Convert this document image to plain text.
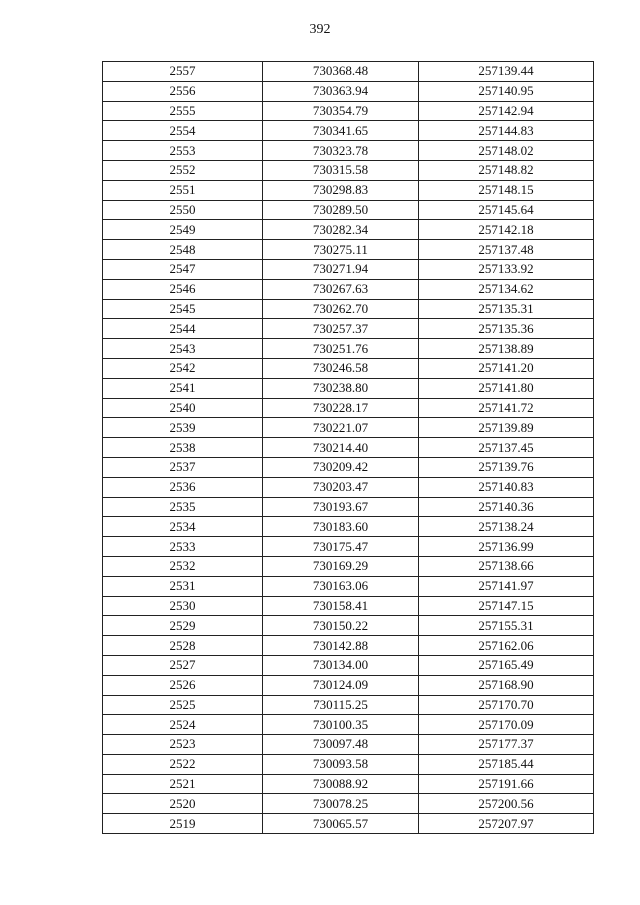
392
2557	730368.48	257139.44
2556	730363.94	257140.95
2555	730354.79	257142.94
2554	730341.65	257144.83
2553	730323.78	257148.02
2552	730315.58	257148.82
2551	730298.83	257148.15
2550	730289.50	257145.64
2549	730282.34	257142.18
2548	730275.11	257137.48
2547	730271.94	257133.92
2546	730267.63	257134.62
2545	730262.70	257135.31
2544	730257.37	257135.36
2543	730251.76	257138.89
2542	730246.58	257141.20
2541	730238.80	257141.80
2540	730228.17	257141.72
2539	730221.07	257139.89
2538	730214.40	257137.45
2537	730209.42	257139.76
2536	730203.47	257140.83
2535	730193.67	257140.36
2534	730183.60	257138.24
2533	730175.47	257136.99
2532	730169.29	257138.66
2531	730163.06	257141.97
2530	730158.41	257147.15
2529	730150.22	257155.31
2528	730142.88	257162.06
2527	730134.00	257165.49
2526	730124.09	257168.90
2525	730115.25	257170.70
2524	730100.35	257170.09
2523	730097.48	257177.37
2522	730093.58	257185.44
2521	730088.92	257191.66
2520	730078.25	257200.56
2519	730065.57	257207.97
